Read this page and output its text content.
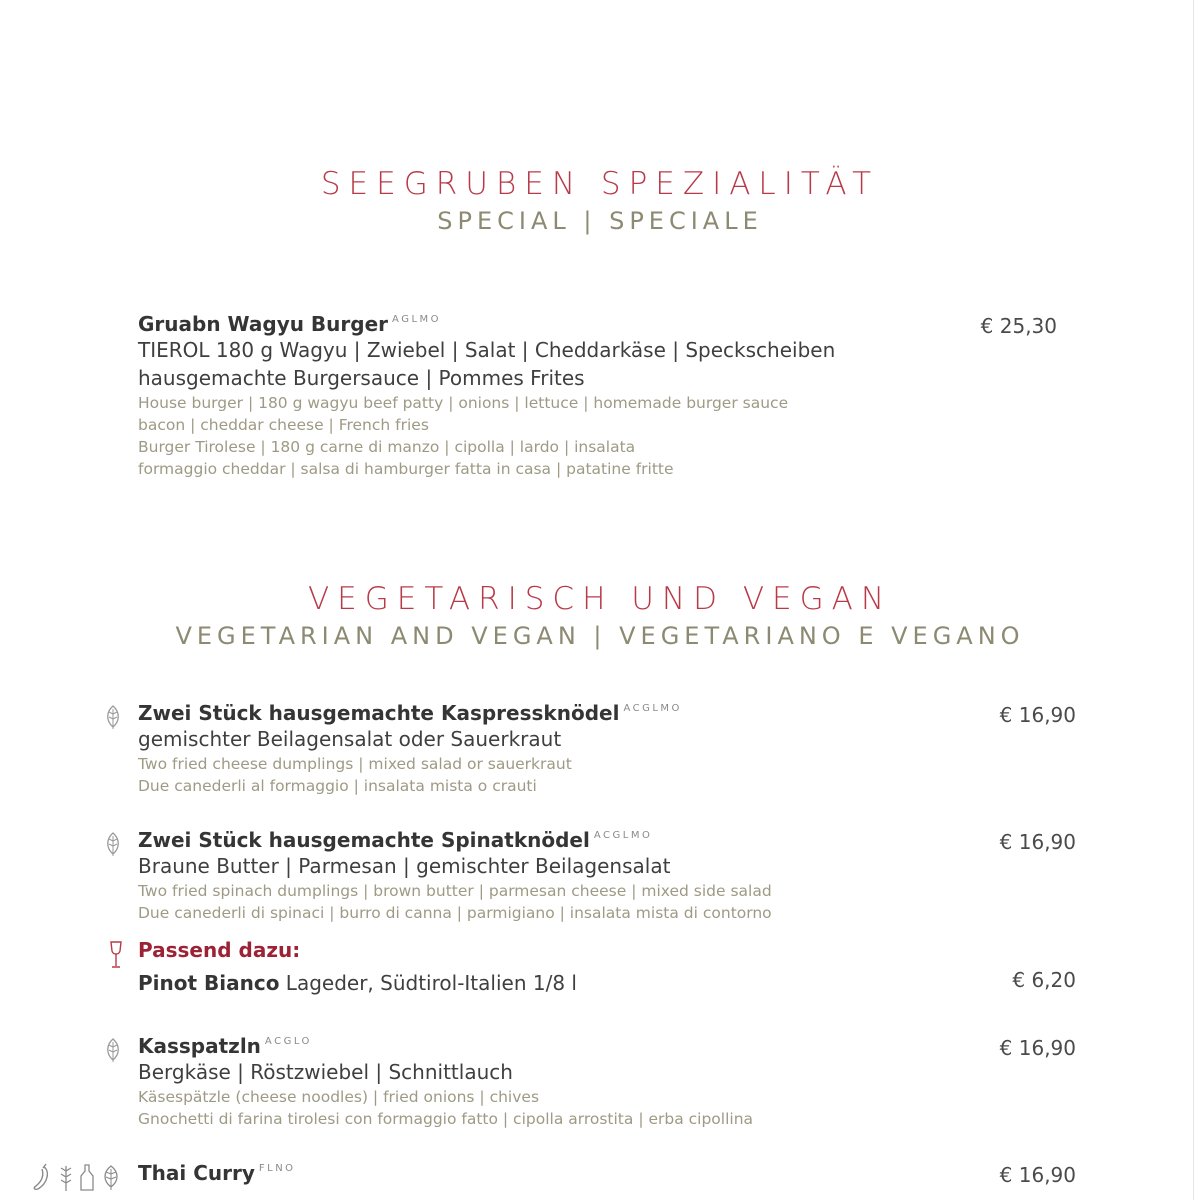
SEEGRUBEN SPEZIALITÄT
SPECIAL | SPECIALE
Gruabn Wagyu Burger $^{AGLMO}$
TIEROL 180 g Wagyu | Zwiebel | Salat | Cheddarkäse | Speckscheiben
hausgemachte Burgersauce | Pommes Frites
House burger | 180 g wagyu beef patty | onions | lettuce | homemade burger sauce
bacon | cheddar cheese | French fries
Burger Tirolese | 180 g carne di manzo | cipolla | lardo | insalata
formaggio cheddar | salsa di hamburger fatta in casa | patatine fritte
€ 25,30
VEGETARISCH UND VEGAN
VEGETARIAN AND VEGAN | VEGETARIANO E VEGANO
Zwei Stück hausgemachte Kaspressknödel $^{ACGLMO}$
gemischter Beilagensalat oder Sauerkraut
Two fried cheese dumplings | mixed salad or sauerkraut
Due canederli al formaggio | insalata mista o crauti
€ 16,90
Zwei Stück hausgemachte Spinatknödel $^{ACGLMO}$
Braune Butter | Parmesan | gemischter Beilagensalat
Two fried spinach dumplings | brown butter | parmesan cheese | mixed side salad
Due canederli di spinaci | burro di canna | parmigiano | insalata mista di contorno
€ 16,90
Passend dazu:
Pinot Bianco Lageder, Südtirol-Italien 1/8 l	€ 6,20
Kasspatzln $^{ACGLO}$
Bergkäse | Röstzwiebel | Schnittlauch
Käsespätzle (cheese noodles) | fried onions | chives
Gnochetti di farina tirolesi con formaggio fatto | cipolla arrostita | erba cipollina
€ 16,90
Thai Curry $^{FLNO}$	€ 16,90
